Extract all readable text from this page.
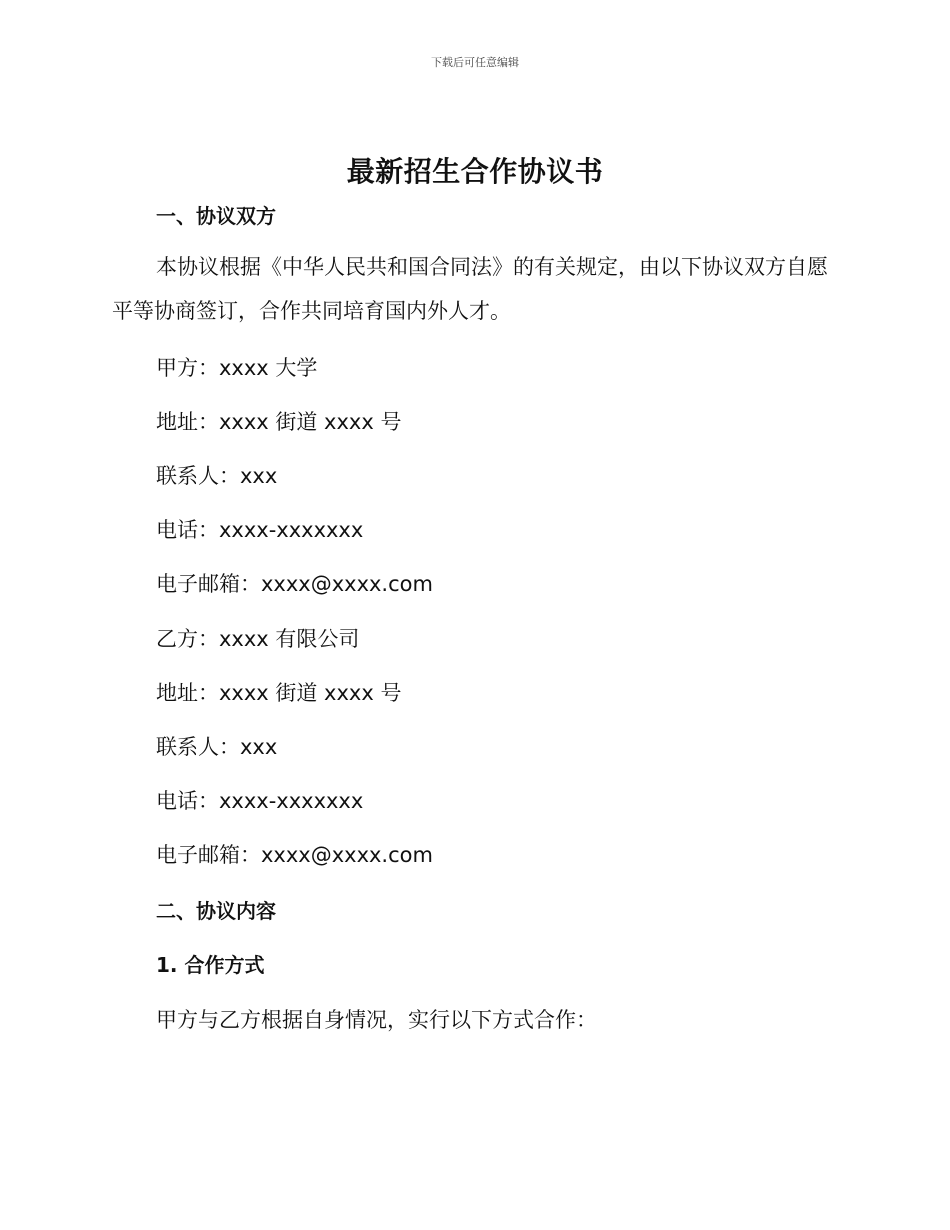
下载后可任意编辑
最新招生合作协议书
一、协议双方
本协议根据《中华人民共和国合同法》的有关规定，由以下协议双方自愿平等协商签订，合作共同培育国内外人才。
甲方：xxxx 大学
地址：xxxx 街道 xxxx 号
联系人：xxx
电话：xxxx-xxxxxxx
电子邮箱：xxxx@xxxx.com
乙方：xxxx 有限公司
地址：xxxx 街道 xxxx 号
联系人：xxx
电话：xxxx-xxxxxxx
电子邮箱：xxxx@xxxx.com
二、协议内容
1. 合作方式
甲方与乙方根据自身情况，实行以下方式合作：
